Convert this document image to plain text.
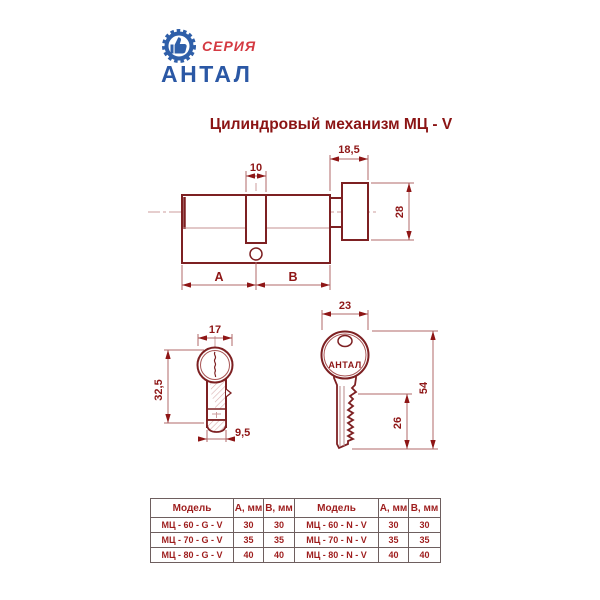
СЕРИЯ
АНТАЛ
Цилиндровый механизм МЦ - V
10
18,5
28
A	B
17
32,5
9,5
АНТАЛ
23
54
26
Модель	А, мм	В, мм	Модель	А, мм	В, мм
МЦ - 60 - G - V	30	30	МЦ - 60 - N - V	30	30
МЦ - 70 - G - V	35	35	МЦ - 70 - N - V	35	35
МЦ - 80 - G - V	40	40	МЦ - 80 - N - V	40	40
